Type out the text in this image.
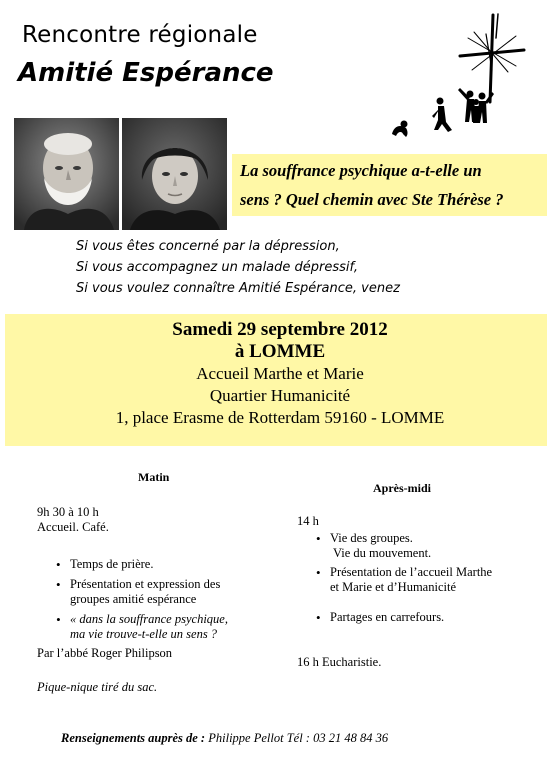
Rencontre régionale
Amitié Espérance
La souffrance psychique a-t-elle un
sens ? Quel chemin avec Ste Thérèse ?
Si vous êtes concerné par la dépression,
Si vous accompagnez un malade dépressif,
Si vous voulez connaître Amitié Espérance, venez
Samedi 29 septembre 2012
à LOMME
Accueil Marthe et Marie
Quartier Humanicité
1, place Erasme de Rotterdam 59160 - LOMME
Matin
9h 30 à 10 h
Accueil. Café.
• Temps de prière.
• Présentation et expression des
groupes amitié espérance
• « dans la souffrance psychique,
ma vie trouve-t-elle un sens ?
Par l’abbé Roger Philipson
Pique-nique tiré du sac.
Après-midi
14 h
• Vie des groupes.
Vie du mouvement.
• Présentation de l’accueil Marthe
et Marie et d’Humanicité
• Partages en carrefours.
16 h Eucharistie.
Renseignements auprès de : Philippe Pellot Tél : 03 21 48 84 36
